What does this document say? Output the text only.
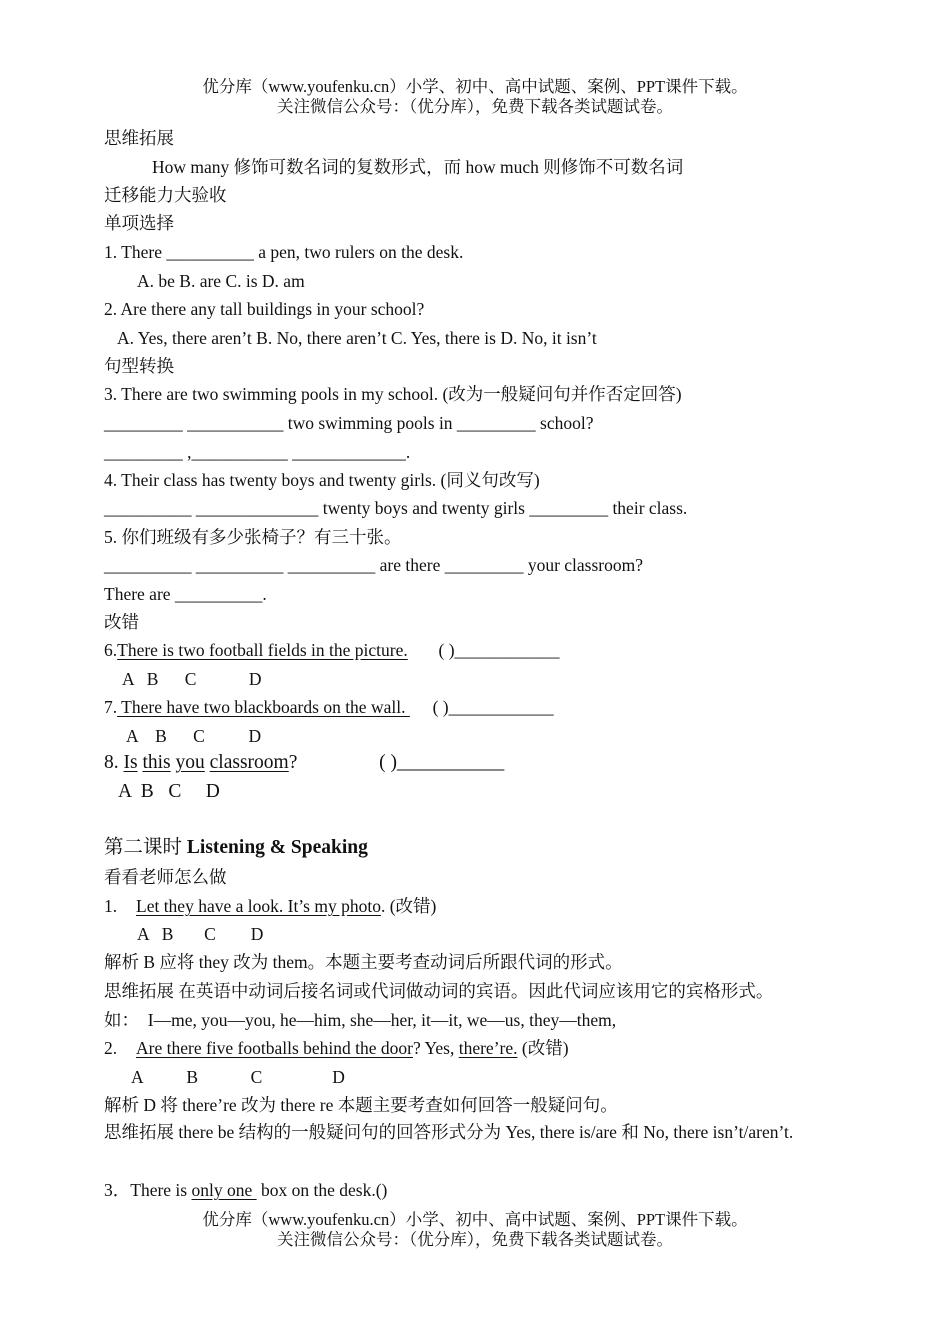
优分库（www.youfenku.cn）小学、初中、高中试题、案例、PPT课件下载。
关注微信公众号：（优分库），免费下载各类试题试卷。
思维拓展
How many 修饰可数名词的复数形式，而 how much 则修饰不可数名词
迁移能力大验收
单项选择
1. There __________ a pen, two rulers on the desk.
A. be B. are C. is D. am
2. Are there any tall buildings in your school?
A. Yes, there aren’t B. No, there aren’t C. Yes, there is D. No, it isn’t
句型转换
3. There are two swimming pools in my school. (改为一般疑问句并作否定回答)
_________ ___________ two swimming pools in _________ school?
_________ ,___________ _____________.
4. Their class has twenty boys and twenty girls. (同义句改写)
__________ ______________ twenty boys and twenty girls _________ their class.
5. 你们班级有多少张椅子？有三十张。
__________ __________ __________ are there _________ your classroom?
There are __________.
改错
6.There is two football fields in the picture. ( )____________
A   B      C            D
7. There have two blackboards on the wall.   ( )____________
A    B      C          D
8. Is this you classroom?	( )___________
A  B   C     D
第二课时 Listening & Speaking
看看老师怎么做
1. Let they have a look. It’s my photo. (改错)
A   B       C        D
解析 B 应将 they 改为 them。本题主要考查动词后所跟代词的形式。
思维拓展 在英语中动词后接名词或代词做动词的宾语。因此代词应该用它的宾格形式。
如：  I—me, you—you, he—him, she—her, it—it, we—us, they—them,
2. Are there five footballs behind the door? Yes, there’re. (改错)
A          B            C                D
解析 D 将 there’re 改为 there re 本题主要考查如何回答一般疑问句。
思维拓展 there be 结构的一般疑问句的回答形式分为 Yes, there is/are 和 No, there isn’t/aren’t.
3．There is only one  box on the desk.()
优分库（www.youfenku.cn）小学、初中、高中试题、案例、PPT课件下载。
关注微信公众号：（优分库），免费下载各类试题试卷。
